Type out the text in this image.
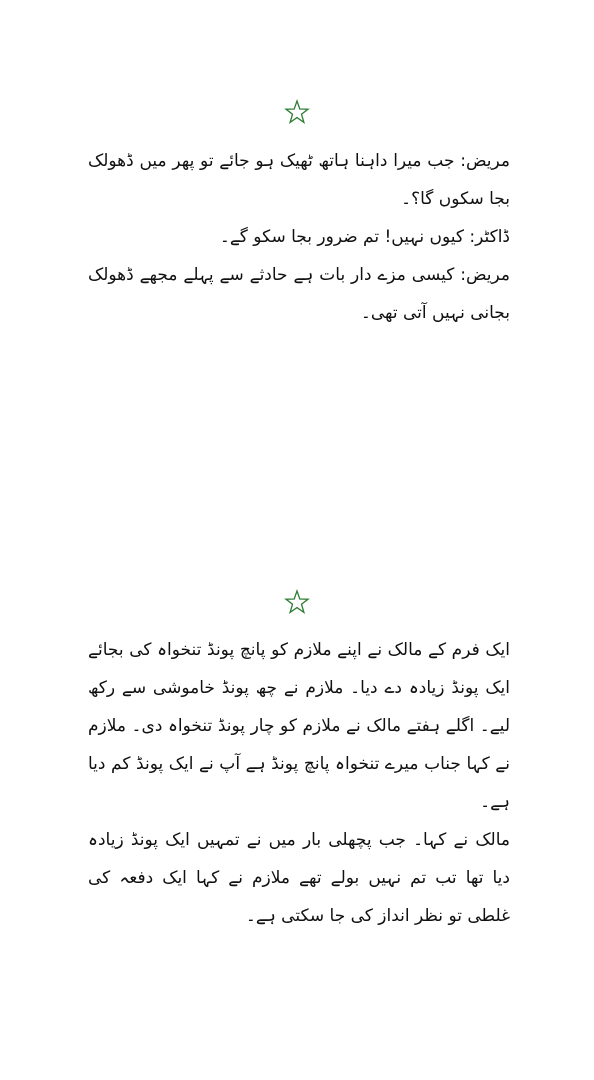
مریض: جب میرا داہنا ہاتھ ٹھیک ہو جائے تو پھر میں ڈھولک بجا سکوں گا؟۔

ڈاکٹر: کیوں نہیں! تم ضرور بجا سکو گے۔

مریض: کیسی مزے دار بات ہے حادثے سے پہلے مجھے ڈھولک بجانی نہیں آتی تھی۔

ایک فرم کے مالک نے اپنے ملازم کو پانچ پونڈ تنخواہ کی بجائے ایک پونڈ زیادہ دے دیا۔ ملازم نے چھ پونڈ خاموشی سے رکھ لیے۔ اگلے ہفتے مالک نے ملازم کو چار پونڈ تنخواہ دی۔ ملازم نے کہا جناب میرے تنخواہ پانچ پونڈ ہے آپ نے ایک پونڈ کم دیا ہے۔

مالک نے کہا۔ جب پچھلی بار میں نے تمہیں ایک پونڈ زیادہ دیا تھا تب تم نہیں بولے تھے ملازم نے کہا ایک دفعہ کی غلطی تو نظر انداز کی جا سکتی ہے۔
